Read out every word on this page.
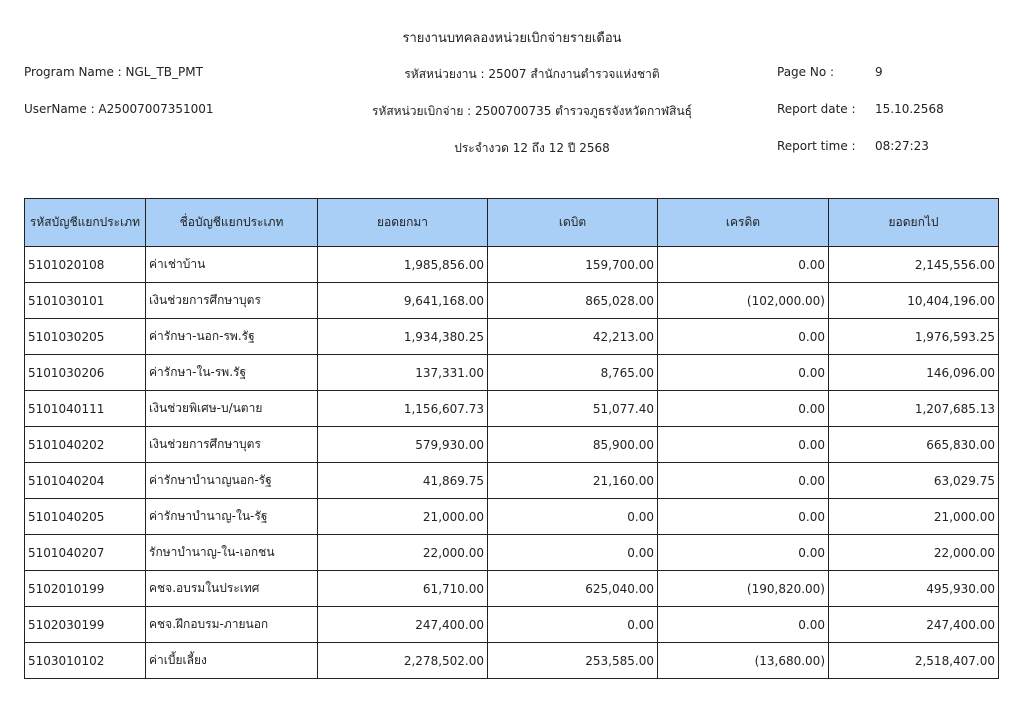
รายงานบทคลองหน่วยเบิกจ่ายรายเดือน
Program Name : NGL_TB_PMT	รหัสหน่วยงาน : 25007 สำนักงานตำรวจแห่งชาติ	Page No :	9
UserName : A25007007351001	รหัสหน่วยเบิกจ่าย : 2500700735 ตำรวจภูธรจังหวัดกาฬสินธุ์	Report date : 15.10.2568
ประจำงวด 12 ถึง 12 ปี 2568	Report time : 08:27:23
รหัสบัญชีแยกประเภท	ชื่อบัญชีแยกประเภท	ยอดยกมา	เดบิต	เครดิต	ยอดยกไป
5101020108	ค่าเช่าบ้าน	1,985,856.00	159,700.00	0.00	2,145,556.00
5101030101	เงินช่วยการศึกษาบุตร	9,641,168.00	865,028.00	(102,000.00)	10,404,196.00
5101030205	ค่ารักษา-นอก-รพ.รัฐ	1,934,380.25	42,213.00	0.00	1,976,593.25
5101030206	ค่ารักษา-ใน-รพ.รัฐ	137,331.00	8,765.00	0.00	146,096.00
5101040111	เงินช่วยพิเศษ-บ/นตาย	1,156,607.73	51,077.40	0.00	1,207,685.13
5101040202	เงินช่วยการศึกษาบุตร	579,930.00	85,900.00	0.00	665,830.00
5101040204	ค่ารักษาบำนาญนอก-รัฐ	41,869.75	21,160.00	0.00	63,029.75
5101040205	ค่ารักษาบำนาญ-ใน-รัฐ	21,000.00	0.00	0.00	21,000.00
5101040207	รักษาบำนาญ-ใน-เอกชน	22,000.00	0.00	0.00	22,000.00
5102010199	คชจ.อบรมในประเทศ	61,710.00	625,040.00	(190,820.00)	495,930.00
5102030199	คชจ.ฝึกอบรม-ภายนอก	247,400.00	0.00	0.00	247,400.00
5103010102	ค่าเบี้ยเลี้ยง	2,278,502.00	253,585.00	(13,680.00)	2,518,407.00
